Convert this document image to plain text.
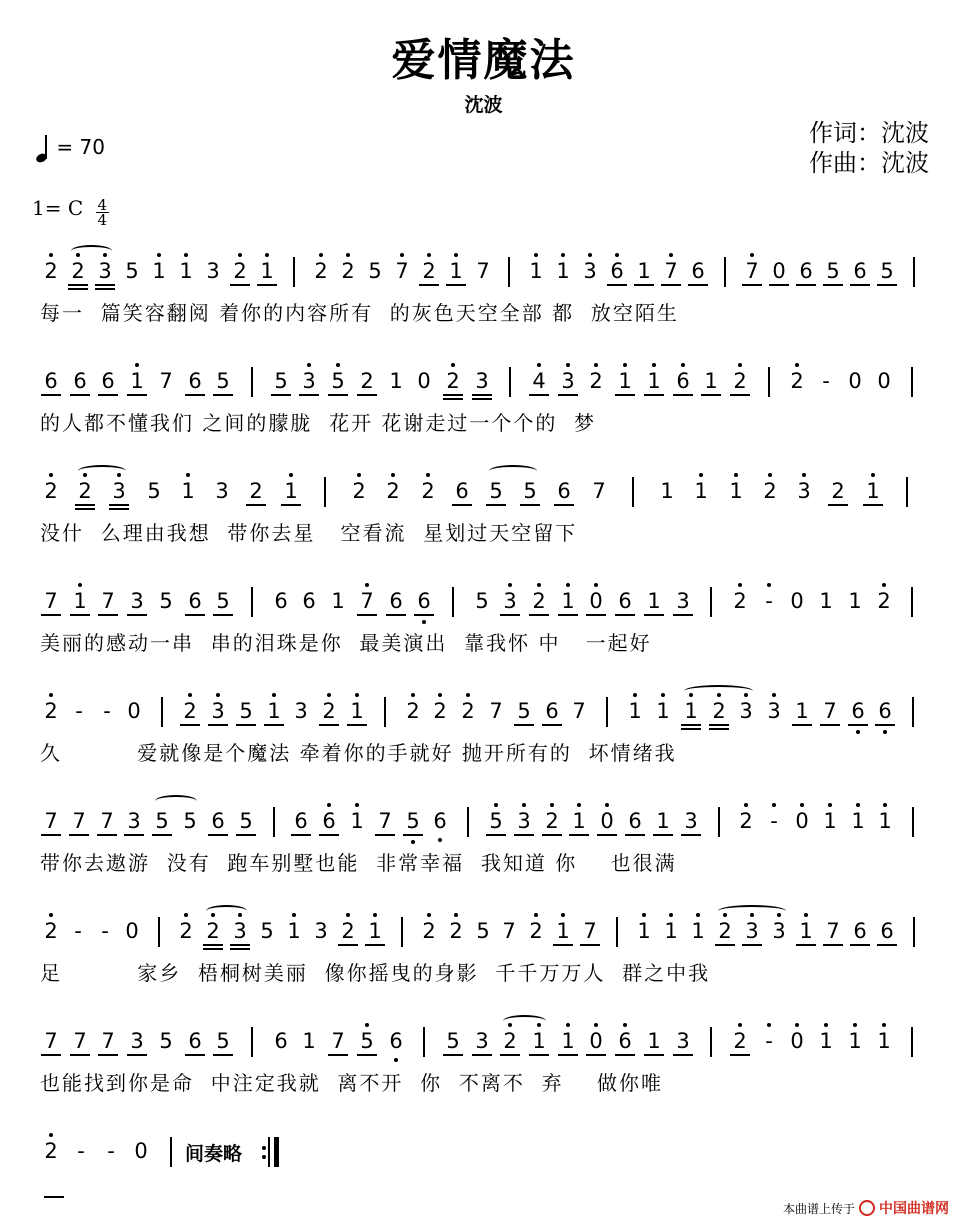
爱情魔法
沈波
作词：沈波
作曲：沈波
= 70
1= C $\frac{4}{4}$
2 2 3 5 1 1 3 2 1 2 2 5 7 2 1 7 1 1 3 6 1 7 6 7 0 6 5 6 5
每一  篇笑容翻阅 着你的内容所有  的灰色天空全部 都  放空陌生
6 6 6 1 7 6 5 5 3 5 2 1 0 2 3 4 3 2 1 1 6 1 2 2 - 0 0
的人都不懂我们 之间的朦胧  花开 花谢走过一个个的  梦
2 2 3 5 1 3 2 1	2 2 2 6 5 5 6 7	1 1 1 2 3 2 1
没什  么理由我想  带你去星   空看流  星划过天空留下
7 1 7 3 5 6 5 6 6 1 7 6 6 5 3 2 1 0 6 1 3 2 - 0 1 1 2
美丽的感动一串  串的泪珠是你  最美演出  靠我怀 中   一起好
2 - - 0 2 3 5 1 3 2 1 2 2 2 7 5 6 7 1 1 1 2 3 3 1 7 6 6
久         爱就像是个魔法 牵着你的手就好 抛开所有的  坏情绪我
7 7 7 3 5 5 6 5 6 6 1 7 5 6 5 3 2 1 0 6 1 3 2 - 0 1 1 1
带你去遨游  没有  跑车别墅也能  非常幸福  我知道 你    也很满
2 - - 0 2 2 3 5 1 3 2 1 2 2 5 7 2 1 7 1 1 1 2 3 3 1 7 6 6
足         家乡  梧桐树美丽  像你摇曳的身影  千千万万人  群之中我
7 7 7 3 5 6 5 6 1 7 5 6 5 3 2 1 1 0 6 1 3 2 - 0 1 1 1
也能找到你是命  中注定我就  离不开  你  不离不  弃    做你唯
2 -	- 0 间奏略
本曲谱上传于 中国曲谱网
